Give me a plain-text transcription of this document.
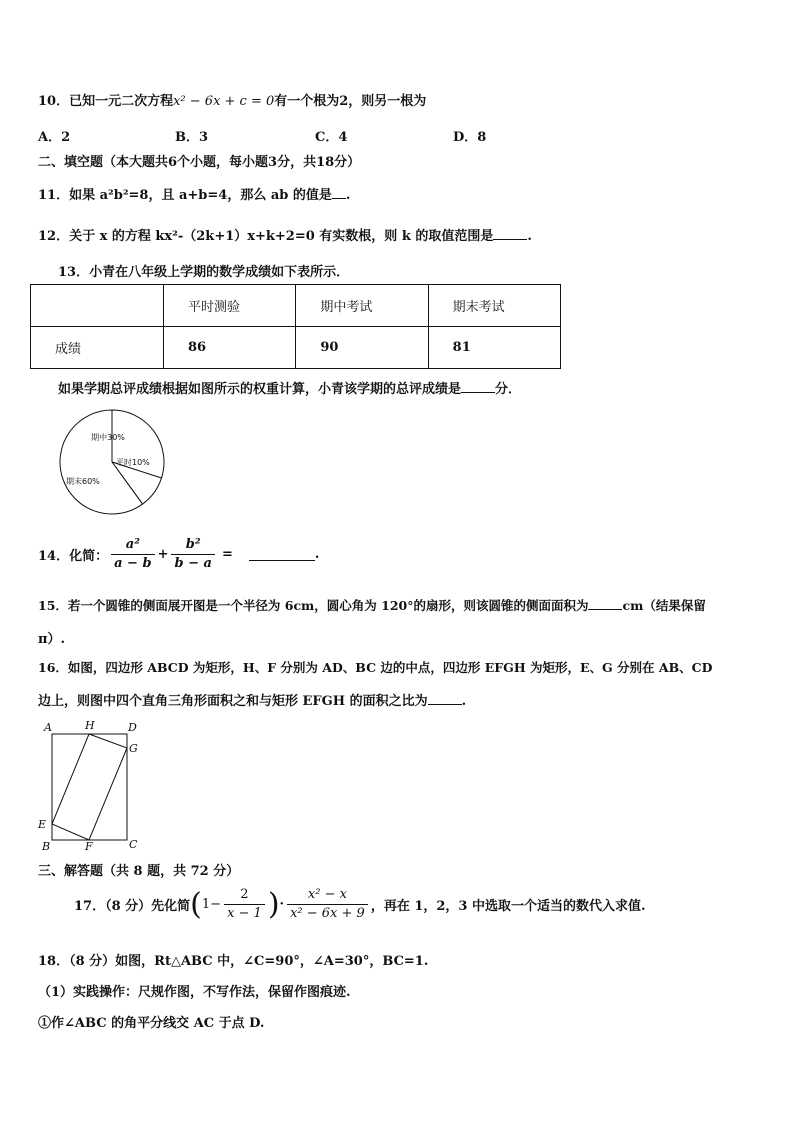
10．已知一元二次方程x² − 6x + c = 0有一个根为2，则另一根为
A．2	B．3	C．4	D．8
二、填空题（本大题共6个小题，每小题3分，共18分）
11．如果 a²b²=8，且 a+b=4，那么 ab 的值是 .
12．关于 x 的方程 kx²-（2k+1）x+k+2=0 有实数根，则 k 的取值范围是	.
13．小青在八年级上学期的数学成绩如下表所示．
	平时测验	期中考试	期末考试
成绩	86	90	81
如果学期总评成绩根据如图所示的权重计算，小青该学期的总评成绩是	分．
期中30%
平时10%
期末60%
14．化简： $\frac{\text{a²}}{a - b} + \frac{\text{b²}}{b - a}$ =	.
15．若一个圆锥的侧面展开图是一个半径为 6cm，圆心角为 120°的扇形，则该圆锥的侧面面积为	cm（结果保留
π）.
16．如图，四边形 ABCD 为矩形，H、F 分别为 AD、BC 边的中点，四边形 EFGH 为矩形，E、G 分别在 AB、CD
边上，则图中四个直角三角形面积之和与矩形 EFGH 的面积之比为	.
A	H	D
G
E
B	F	C
三、解答题（共 8 题，共 72 分）
17．（8 分）先化简($1- \frac{2}{x - 1}$ )· $\frac{\text{x² − x}}{\text{x² − 6x + 9}}$ ，再在 1，2，3 中选取一个适当的数代入求值.
18．（8 分）如图，Rt△ABC 中，∠C=90°，∠A=30°，BC=1.
（1）实践操作：尺规作图，不写作法，保留作图痕迹.
①作∠ABC 的角平分线交 AC 于点 D.
